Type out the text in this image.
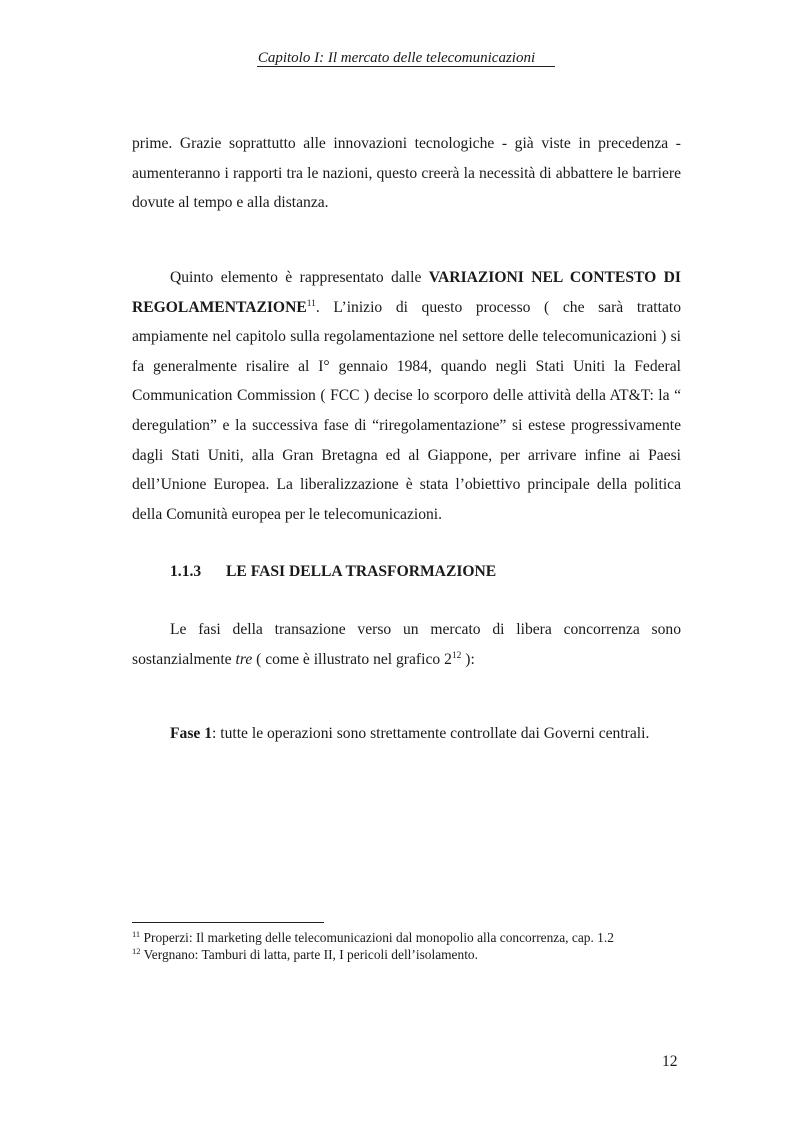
Capitolo I: Il mercato delle telecomunicazioni

prime. Grazie soprattutto alle innovazioni tecnologiche - già viste in precedenza - aumenteranno i rapporti tra le nazioni, questo creerà la necessità di abbattere le barriere dovute al tempo e alla distanza.

Quinto elemento è rappresentato dalle VARIAZIONI NEL CONTESTO DI REGOLAMENTAZIONE$^{11}$. L’inizio di questo processo ( che sarà trattato ampiamente nel capitolo sulla regolamentazione nel settore delle telecomunicazioni ) si fa generalmente risalire al I° gennaio 1984, quando negli Stati Uniti la Federal Communication Commission ( FCC ) decise lo scorporo delle attività della AT&T: la “ deregulation” e la successiva fase di “riregolamentazione” si estese progressivamente dagli Stati Uniti, alla Gran Bretagna ed al Giappone, per arrivare infine ai Paesi dell’Unione Europea. La liberalizzazione è stata l’obiettivo principale della politica della Comunità europea per le telecomunicazioni.

1.1.3 LE FASI DELLA TRASFORMAZIONE

Le fasi della transazione verso un mercato di libera concorrenza sono sostanzialmente tre ( come è illustrato nel grafico $2^{12}$ ):

Fase 1: tutte le operazioni sono strettamente controllate dai Governi centrali.

$^{11}$ Properzi: Il marketing delle telecomunicazioni dal monopolio alla concorrenza, cap. 1.2
$^{12}$ Vergnano: Tamburi di latta, parte II, I pericoli dell’isolamento.
12
